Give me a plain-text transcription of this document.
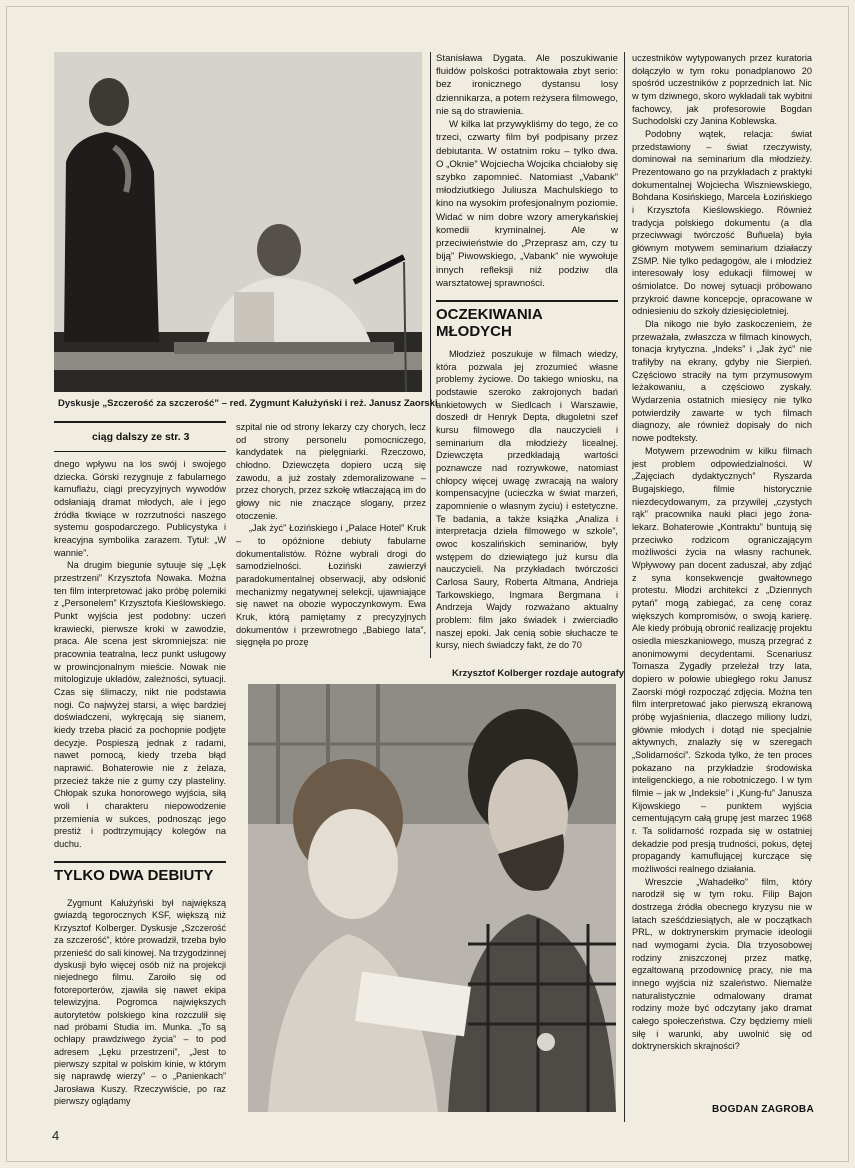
Dyskusje „Szczerość za szczerość” – red. Zygmunt Kałużyński i reż. Janusz Zaorski
ciąg dalszy ze str. 3

dnego wpływu na los swój i swojego dziecka. Górski rezygnuje z fabularnego kamuflażu, ciągi precyzyjnych wywodów odsłaniają dramat młodych, ale i jego źródła tkwiące w rozrzutności naszego systemu gospodarczego. Publicystyka i kreacyjna symbolika zarazem. Tytuł: „W wannie”.

Na drugim biegunie sytuuje się „Lęk przestrzeni” Krzysztofa Nowaka. Można ten film interpretować jako próbę polemiki z „Personelem” Krzysztofa Kieślowskiego. Punkt wyjścia jest podobny: uczeń krawiecki, pierwsze kroki w zawodzie, praca. Ale scena jest skromniejsza: nie pracownia teatralna, lecz punkt usługowy w prowincjonalnym mieście. Nowak nie mitologizuje układów, zależności, sytuacji. Czas się ślimaczy, nikt nie podstawia nogi. Co najwyżej starsi, a więc bardziej doświadczeni, wykręcają się sianem, kiedy trzeba płacić za pochopnie podjęte decyzje. Pospieszą jednak z radami, nawet pomocą, kiedy trzeba błąd naprawić. Bohaterowie nie z żelaza, przecież także nie z gumy czy plasteliny. Chłopak szuka honorowego wyjścia, siłą woli i charakteru niepowodzenie przemienia w sukces, podnosząc jego prestiż i podtrzymujący kolegów na duchu.

TYLKO DWA DEBIUTY

Zygmunt Kałużyński był największą gwiazdą tegorocznych KSF, większą niż Krzysztof Kolberger. Dyskusje „Szczerość za szczerość”, które prowadził, trzeba było przenieść do sali kinowej. Na trzygodzinnej dyskusji było więcej osób niż na projekcji niejednego filmu. Zaroiło się od fotoreporterów, zjawiła się nawet ekipa telewizyjna. Pogromca największych autorytetów polskiego kina rozczulił się nad próbami Studia im. Munka. „To są ochłapy prawdziwego życia” – to pod adresem „Lęku przestrzeni”, „Jest to pierwszy szpital w polskim kinie, w którym się naprawdę wierzy” – o „Panienkach” Jarosława Kuszy. Rzeczywiście, po raz pierwszy oglądamy

szpital nie od strony lekarzy czy chorych, lecz od strony personelu pomocniczego, kandydatek na pielęgniarki. Rzeczowo, chłodno. Dziewczęta dopiero uczą się zawodu, a już zostały zdemoralizowane – przez chorych, przez szkołę wtłaczającą im do głowy nic nie znaczące slogany, przez otoczenie.

„Jak żyć” Łozińskiego i „Palace Hotel” Kruk – to opóźnione debiuty fabularne dokumentalistów. Różne wybrali drogi do samodzielności. Łoziński zawierzył paradokumentalnej obserwacji, aby odsłonić mechanizmy negatywnej selekcji, ujawniające się nawet na obozie wypoczynkowym. Ewa Kruk, którą pamiętamy z precyzyjnych dokumentów i przewrotnego „Babiego lata”, sięgnęła po prozę

Stanisława Dygata. Ale poszukiwanie fluidów polskości potraktowała zbyt serio: bez ironicznego dystansu losy dziennikarza, a potem reżysera filmowego, nie są do strawienia.

W kilka lat przywykliśmy do tego, że co trzeci, czwarty film był podpisany przez debiutanta. W ostatnim roku – tylko dwa. O „Oknie” Wojciecha Wojcika chciałoby się szybko zapomnieć. Natomiast „Vabank” młodziutkiego Juliusza Machulskiego to kino na wysokim profesjonalnym poziomie. Widać w nim dobre wzory amerykańskiej komedii kryminalnej. Ale w przeciwieństwie do „Przeprasz am, czy tu biją” Piwowskiego, „Vabank” nie wywołuje innych refleksji niż podziw dla warsztatowej sprawności.

OCZEKIWANIA MŁODYCH

Młodzież poszukuje w filmach wiedzy, która pozwala jej zrozumieć własne problemy życiowe. Do takiego wniosku, na podstawie szeroko zakrojonych badań ankietowych w Siedlcach i Warszawie, doszedł dr Henryk Depta, długoletni szef kursu filmowego dla nauczycieli i seminarium dla młodzieży licealnej. Dziewczęta przedkładają wartości poznawcze nad rozrywkowe, natomiast chłopcy więcej uwagę zwracają na walory kompensacyjne (ucieczka w świat marzeń, zapomnienie o własnym życiu) i estetyczne. Te badania, a także książka „Analiza i interpretacja dzieła filmowego w szkole”, owoc koszalińskich seminariów, były wstępem do dziewiątego już kursu dla nauczycieli. Na przykładach twórczości Carlosa Saury, Roberta Altmana, Andrieja Tarkowskiego, Ingmara Bergmana i Andrzeja Wajdy rozważano aktualny problem: film jako świadek i zwierciadło naszej epoki. Jak cenią sobie słuchacze te kursy, niech świadczy fakt, że do 70

Krzysztof Kolberger rozdaje autografy

uczestników wytypowanych przez kuratoria dołączyło w tym roku ponadplanowo 20 spośród uczestników z poprzednich lat. Nic w tym dziwnego, skoro wykładali tak wybitni fachowcy, jak profesorowie Bogdan Suchodolski czy Janina Koblewska.

Podobny wątek, relacja: świat przedstawiony – świat rzeczywisty, dominował na seminarium dla młodzieży. Prezentowano go na przykładach z praktyki dokumentalnej Wojciecha Wiszniewskiego, Bohdana Kosińskiego, Marcela Łozińskiego i Krzysztofa Kieślowskiego. Również tradycja polskiego dokumentu (a dla przeciwwagi twórczość Buñuela) była głównym motywem seminarium działaczy ZSMP. Nie tylko pedagogów, ale i młodzież interesowały losy edukacji filmowej w ośmiolatce. Do nowej sytuacji próbowano przykroić dawne koncepcje, opracowane w odniesieniu do szkoły dziesięcioletniej.

Dla nikogo nie było zaskoczeniem, że przeważała, zwłaszcza w filmach kinowych, tonacja krytyczna. „Indeks” i „Jak żyć” nie trafiłyby na ekrany, gdyby nie Sierpień. Częściowo straciły na tym przymusowym leżakowaniu, a częściowo zyskały. Wydarzenia ostatnich miesięcy nie tylko potwierdziły zawarte w tych filmach diagnozy, ale również dopisały do nich nowe podteksty.

Motywem przewodnim w kilku filmach jest problem odpowiedzialności. W „Zajęciach dydaktycznych” Ryszarda Bugajskiego, filmie historycznie niezdecydowanym, za przywilej „czystych rąk” pracownika nauki płaci jego żona-lekarz. Bohaterowie „Kontraktu” buntują się przeciwko rodzicom ograniczającym możliwości życia na własny rachunek. Wpływowy pan docent zaduszał, aby zdjąć z syna konsekwencje gwałtownego protestu. Młodzi architekci z „Dziennych pytań” mogą zabiegać, za cenę coraz większych kompromisów, o swoją karierę. Ale kiedy próbują obronić realizację projektu osiedla mieszkaniowego, muszą przegrać z anonimowymi decydentami. Scenariusz Tomasza Zygadły przeleżał trzy lata, dopiero w połowie ubiegłego roku Janusz Zaorski mógł rozpocząć zdjęcia. Można ten film interpretować jako pierwszą ekranową próbę wyjaśnienia, dlaczego miliony ludzi, głównie młodych i dotąd nie specjalnie aktywnych, znalazły się w szeregach „Solidarności”. Szkoda tylko, że ten proces pokazano na przykładzie środowiska inteligenckiego, a nie robotniczego. I w tym filmie – jak w „Indeksie” i „Kung-fu” Janusza Kijowskiego – punktem wyjścia cementującym całą grupę jest marzec 1968 r. Ta solidarność rozpada się w ostatniej dekadzie pod presją trudności, pokus, dętej propagandy kamuflującej kurczące się możliwości realnego działania.

Wreszcie „Wahadełko” film, który narodził się w tym roku. Filip Bajon dostrzega źródła obecnego kryzysu nie w latach sześćdziesiątych, ale w początkach PRL, w doktrynerskim prymacie ideologii nad wymogami życia. Dla trzyosobowej rodziny zniszczonej przez matkę, egzaltowaną przodownicę pracy, nie ma innego wyjścia niż szaleństwo. Niemalże naturalistycznie odmalowany dramat rodziny może być odczytany jako dramat całego społeczeństwa. Czy będziemy mieli siłę i warunki, aby uwolnić się od doktrynerskich skrajności?

BOGDAN ZAGROBA
4
